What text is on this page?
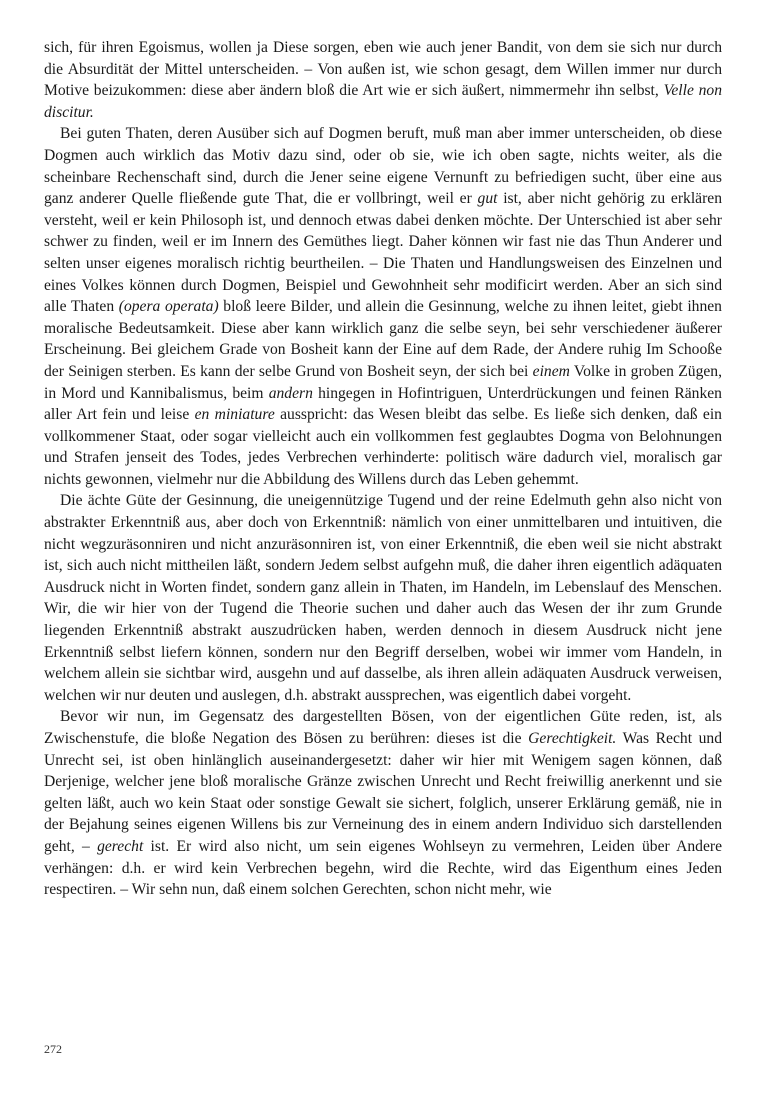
sich, für ihren Egoismus, wollen ja Diese sorgen, eben wie auch jener Bandit, von dem sie sich nur durch die Absurdität der Mittel unterscheiden. – Von außen ist, wie schon gesagt, dem Willen immer nur durch Motive beizukommen: diese aber ändern bloß die Art wie er sich äußert, nimmermehr ihn selbst, Velle non discitur.

Bei guten Thaten, deren Ausüber sich auf Dogmen beruft, muß man aber immer unterscheiden, ob diese Dogmen auch wirklich das Motiv dazu sind, oder ob sie, wie ich oben sagte, nichts weiter, als die scheinbare Rechenschaft sind, durch die Jener seine eigene Vernunft zu befriedigen sucht, über eine aus ganz anderer Quelle fließende gute That, die er vollbringt, weil er gut ist, aber nicht gehörig zu erklären versteht, weil er kein Philosoph ist, und dennoch etwas dabei denken möchte. Der Unterschied ist aber sehr schwer zu finden, weil er im Innern des Gemüthes liegt. Daher können wir fast nie das Thun Anderer und selten unser eigenes moralisch richtig beurtheilen. – Die Thaten und Handlungsweisen des Einzelnen und eines Volkes können durch Dogmen, Beispiel und Gewohnheit sehr modificirt werden. Aber an sich sind alle Thaten (opera operata) bloß leere Bilder, und allein die Gesinnung, welche zu ihnen leitet, giebt ihnen moralische Bedeutsamkeit. Diese aber kann wirklich ganz die selbe seyn, bei sehr verschiedener äußerer Erscheinung. Bei gleichem Grade von Bosheit kann der Eine auf dem Rade, der Andere ruhig Im Schooße der Seinigen sterben. Es kann der selbe Grund von Bosheit seyn, der sich bei einem Volke in groben Zügen, in Mord und Kannibalismus, beim andern hingegen in Hofintriguen, Unterdrückungen und feinen Ränken aller Art fein und leise en miniature ausspricht: das Wesen bleibt das selbe. Es ließe sich denken, daß ein vollkommener Staat, oder sogar vielleicht auch ein vollkommen fest geglaubtes Dogma von Belohnungen und Strafen jenseit des Todes, jedes Verbrechen verhinderte: politisch wäre dadurch viel, moralisch gar nichts gewonnen, vielmehr nur die Abbildung des Willens durch das Leben gehemmt.

Die ächte Güte der Gesinnung, die uneigennützige Tugend und der reine Edelmuth gehn also nicht von abstrakter Erkenntniß aus, aber doch von Erkenntniß: nämlich von einer unmittelbaren und intuitiven, die nicht wegzuräsonniren und nicht anzuräsonniren ist, von einer Erkenntniß, die eben weil sie nicht abstrakt ist, sich auch nicht mittheilen läßt, sondern Jedem selbst aufgehn muß, die daher ihren eigentlich adäquaten Ausdruck nicht in Worten findet, sondern ganz allein in Thaten, im Handeln, im Lebenslauf des Menschen. Wir, die wir hier von der Tugend die Theorie suchen und daher auch das Wesen der ihr zum Grunde liegenden Erkenntniß abstrakt auszudrücken haben, werden dennoch in diesem Ausdruck nicht jene Erkenntniß selbst liefern können, sondern nur den Begriff derselben, wobei wir immer vom Handeln, in welchem allein sie sichtbar wird, ausgehn und auf dasselbe, als ihren allein adäquaten Ausdruck verweisen, welchen wir nur deuten und auslegen, d.h. abstrakt aussprechen, was eigentlich dabei vorgeht.

Bevor wir nun, im Gegensatz des dargestellten Bösen, von der eigentlichen Güte reden, ist, als Zwischenstufe, die bloße Negation des Bösen zu berühren: dieses ist die Gerechtigkeit. Was Recht und Unrecht sei, ist oben hinlänglich auseinandergesetzt: daher wir hier mit Wenigem sagen können, daß Derjenige, welcher jene bloß moralische Gränze zwischen Unrecht und Recht freiwillig anerkennt und sie gelten läßt, auch wo kein Staat oder sonstige Gewalt sie sichert, folglich, unserer Erklärung gemäß, nie in der Bejahung seines eigenen Willens bis zur Verneinung des in einem andern Individuo sich darstellenden geht, – gerecht ist. Er wird also nicht, um sein eigenes Wohlseyn zu vermehren, Leiden über Andere verhängen: d.h. er wird kein Verbrechen begehn, wird die Rechte, wird das Eigenthum eines Jeden respectiren. – Wir sehn nun, daß einem solchen Gerechten, schon nicht mehr, wie

272
